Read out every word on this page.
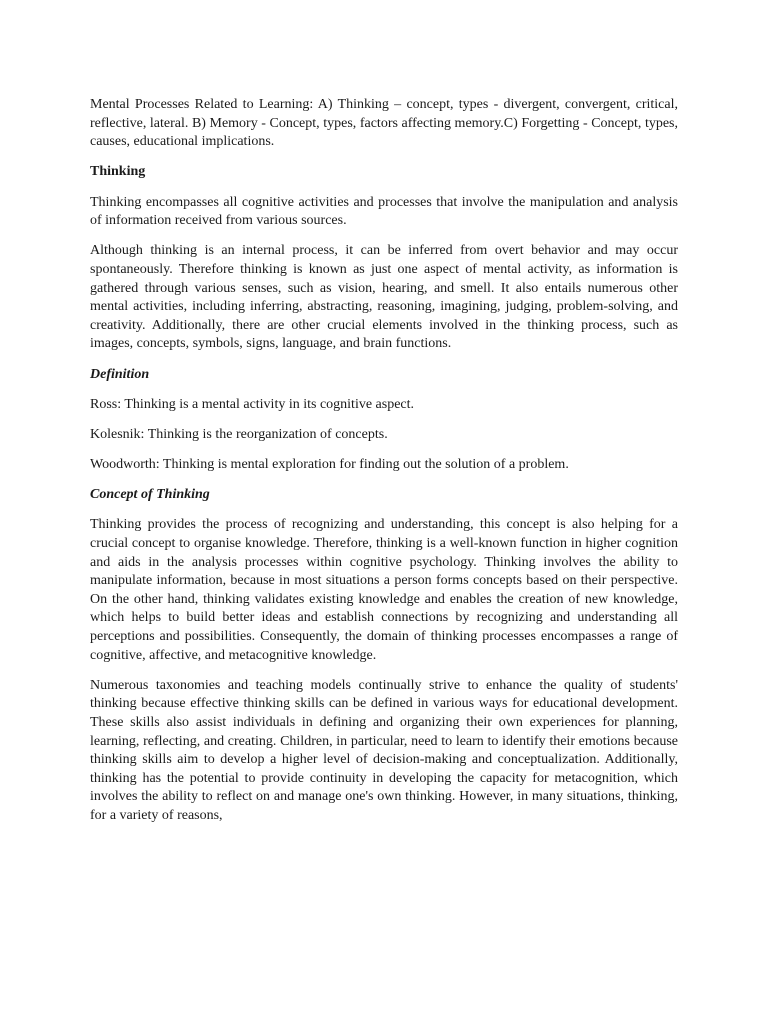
Mental Processes Related to Learning: A) Thinking – concept, types - divergent, convergent, critical, reflective, lateral. B) Memory - Concept, types, factors affecting memory.C) Forgetting - Concept, types, causes, educational implications.

Thinking

Thinking encompasses all cognitive activities and processes that involve the manipulation and analysis of information received from various sources.

Although thinking is an internal process, it can be inferred from overt behavior and may occur spontaneously. Therefore thinking is known as just one aspect of mental activity, as information is gathered through various senses, such as vision, hearing, and smell. It also entails numerous other mental activities, including inferring, abstracting, reasoning, imagining, judging, problem-solving, and creativity. Additionally, there are other crucial elements involved in the thinking process, such as images, concepts, symbols, signs, language, and brain functions.

Definition

Ross: Thinking is a mental activity in its cognitive aspect.

Kolesnik: Thinking is the reorganization of concepts.

Woodworth: Thinking is mental exploration for finding out the solution of a problem.

Concept of Thinking

Thinking provides the process of recognizing and understanding, this concept is also helping for a crucial concept to organise knowledge. Therefore, thinking is a well-known function in higher cognition and aids in the analysis processes within cognitive psychology. Thinking involves the ability to manipulate information, because in most situations a person forms concepts based on their perspective. On the other hand, thinking validates existing knowledge and enables the creation of new knowledge, which helps to build better ideas and establish connections by recognizing and understanding all perceptions and possibilities. Consequently, the domain of thinking processes encompasses a range of cognitive, affective, and metacognitive knowledge.

Numerous taxonomies and teaching models continually strive to enhance the quality of students' thinking because effective thinking skills can be defined in various ways for educational development. These skills also assist individuals in defining and organizing their own experiences for planning, learning, reflecting, and creating. Children, in particular, need to learn to identify their emotions because thinking skills aim to develop a higher level of decision-making and conceptualization. Additionally, thinking has the potential to provide continuity in developing the capacity for metacognition, which involves the ability to reflect on and manage one's own thinking. However, in many situations, thinking, for a variety of reasons,
